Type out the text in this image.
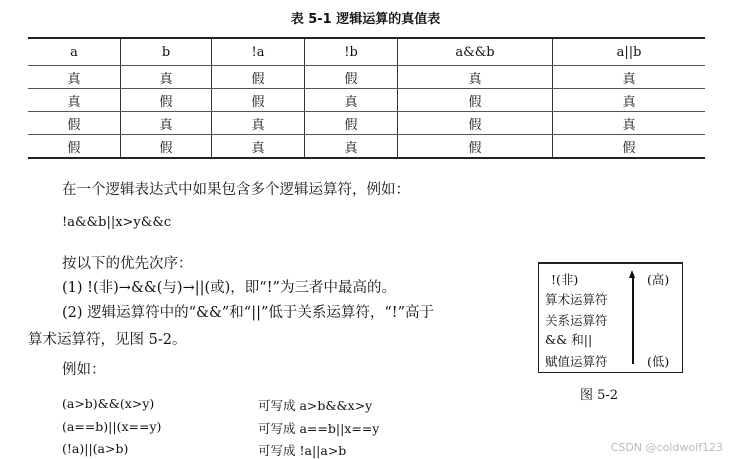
表 5-1 逻辑运算的真值表
a	b	!a	!b	a&&b	a||b
真	真	假	假	真	真
真	假	假	真	假	真
假	真	真	假	假	真
假	假	真	真	假	假
在一个逻辑表达式中如果包含多个逻辑运算符，例如：
!a&&b||x>y&&c
按以下的优先次序：
(1) !(非)→&&(与)→||(或)，即“!”为三者中最高的。
(2) 逻辑运算符中的“&&”和“||”低于关系运算符，“!”高于
算术运算符，见图 5-2。
例如：
(a>b)&&(x>y)	可写成 a>b&&x>y
(a==b)||(x==y)	可写成 a==b||x==y
(!a)||(a>b)	可写成 !a||a>b
!(非)
算术运算符
关系运算符
&& 和||
赋值运算符
(高)
(低)
图 5-2
CSDN @coldwolf123
